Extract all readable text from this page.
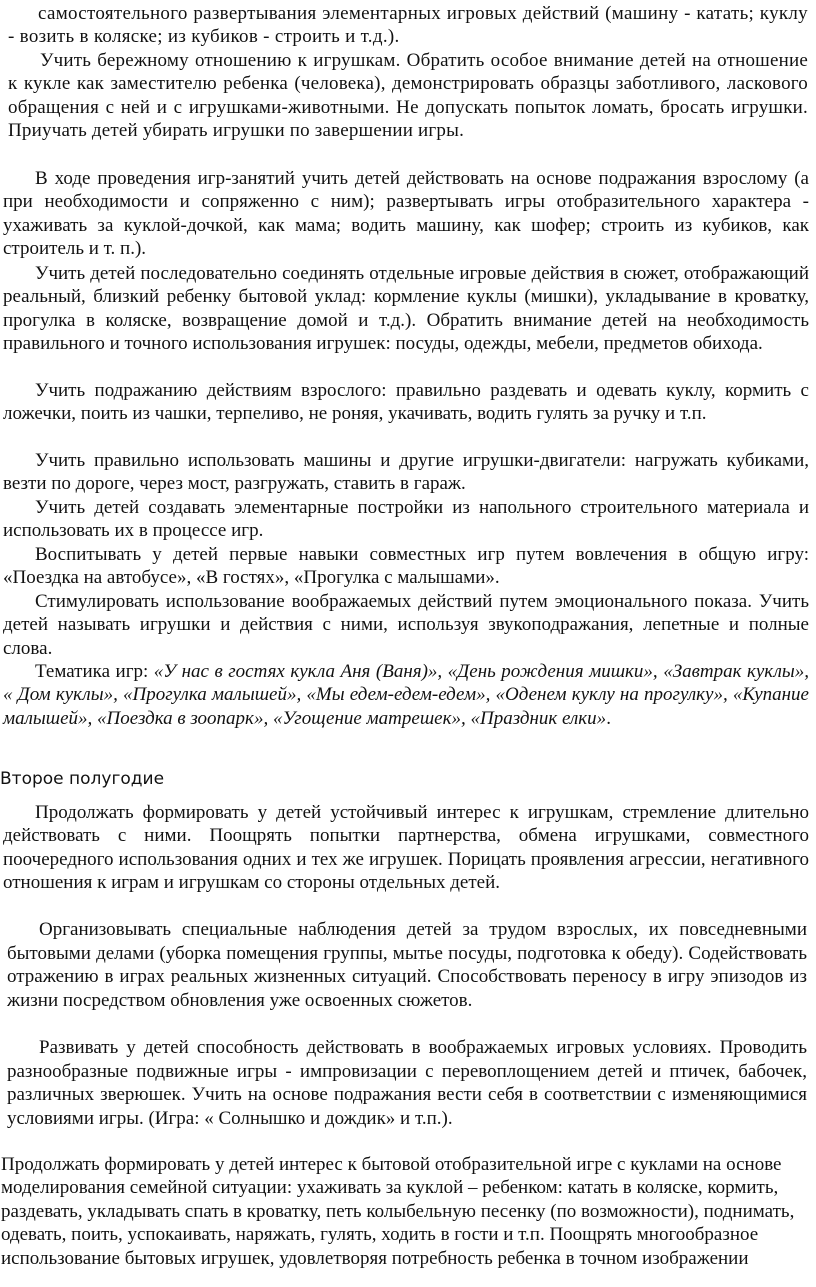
самостоятельного развертывания элементарных игровых действий (машину - катать; куклу - возить в коляске; из кубиков - строить и т.д.).

Учить бережному отношению к игрушкам. Обратить особое внимание детей на отношение к кукле как заместителю ребенка (человека), демонстрировать образцы заботливого, ласкового обращения с ней и с игрушками-животными. Не допускать попыток ломать, бросать игрушки. Приучать детей убирать игрушки по завершении игры.

В ходе проведения игр-занятий учить детей действовать на основе подражания взрослому (а при необходимости и сопряженно с ним); развертывать игры отобразительного характера - ухаживать за куклой-дочкой, как мама; водить машину, как шофер; строить из кубиков, как строитель и т. п.).

Учить детей последовательно соединять отдельные игровые действия в сюжет, отображающий реальный, близкий ребенку бытовой уклад: кормление куклы (мишки), укладывание в кроватку, прогулка в коляске, возвращение домой и т.д.). Обратить внимание детей на необходимость правильного и точного использования игрушек: посуды, одежды, мебели, предметов обихода.

Учить подражанию действиям взрослого: правильно раздевать и одевать куклу, кормить с ложечки, поить из чашки, терпеливо, не роняя, укачивать, водить гулять за ручку и т.п.

Учить правильно использовать машины и другие игрушки-двигатели: нагружать кубиками, везти по дороге, через мост, разгружать, ставить в гараж.

Учить детей создавать элементарные постройки из напольного строительного материала и использовать их в процессе игр.

Воспитывать у детей первые навыки совместных игр путем вовлечения в общую игру: «Поездка на автобусе», «В гостях», «Прогулка с малышами».

Стимулировать использование воображаемых действий путем эмоционального показа. Учить детей называть игрушки и действия с ними, используя звукоподражания, лепетные и полные слова.

Тематика игр: «У нас в гостях кукла Аня (Ваня)», «День рождения мишки», «Завтрак куклы», « Дом куклы», «Прогулка малышей», «Мы едем-едем-едем», «Оденем куклу на прогулку», «Купание малышей», «Поездка в зоопарк», «Угощение матрешек», «Праздник елки».

Второе полугодие

Продолжать формировать у детей устойчивый интерес к игрушкам, стремление длительно действовать с ними. Поощрять попытки партнерства, обмена игрушками, совместного поочередного использования одних и тех же игрушек. Порицать проявления агрессии, негативного отношения к играм и игрушкам со стороны отдельных детей.

Организовывать специальные наблюдения детей за трудом взрослых, их повседневными бытовыми делами (уборка помещения группы, мытье посуды, подготовка к обеду). Содействовать отражению в играх реальных жизненных ситуаций. Способствовать переносу в игру эпизодов из жизни посредством обновления уже освоенных сюжетов.

Развивать у детей способность действовать в воображаемых игровых условиях. Проводить разнообразные подвижные игры - импровизации с перевоплощением детей и птичек, бабочек, различных зверюшек. Учить на основе подражания вести себя в соответствии с изменяющимися условиями игры. (Игра: « Солнышко и дождик» и т.п.).

Продолжать формировать у детей интерес к бытовой отобразительной игре с куклами на основе моделирования семейной ситуации: ухаживать за куклой – ребенком: катать в коляске, кормить, раздевать, укладывать спать в кроватку, петь колыбельную песенку (по возможности), поднимать, одевать, поить, успокаивать, наряжать, гулять, ходить в гости и т.п. Поощрять многообразное использование бытовых игрушек, удовлетворяя потребность ребенка в точном изображении
